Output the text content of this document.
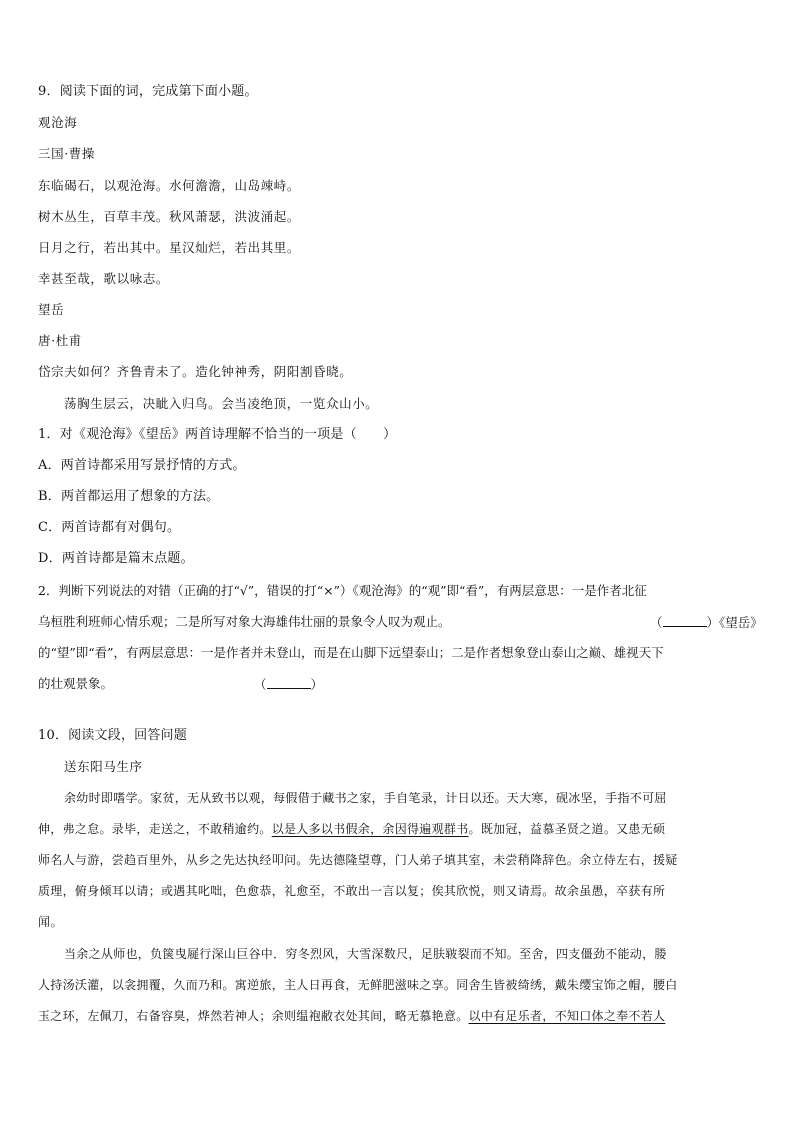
9．阅读下面的词，完成第下面小题。
观沧海
三国·曹操
东临碣石，以观沧海。水何澹澹，山岛竦峙。
树木丛生，百草丰茂。秋风萧瑟，洪波涌起。
日月之行，若出其中。星汉灿烂，若出其里。
幸甚至哉，歌以咏志。
望岳
唐·杜甫
岱宗夫如何？齐鲁青未了。造化钟神秀，阴阳割昏晓。
荡胸生层云，决眦入归鸟。会当凌绝顶，一览众山小。
1．对《观沧海》《望岳》两首诗理解不恰当的一项是（　　）
A．两首诗都采用写景抒情的方式。
B．两首都运用了想象的方法。
C．两首诗都有对偶句。
D．两首诗都是篇末点题。
2．判断下列说法的对错（正确的打“√”，错误的打“×”）《观沧海》的“观”即“看”，有两层意思：一是作者北征
乌桓胜利班师心情乐观；二是所写对象大海雄伟壮丽的景象令人叹为观止。	（	）《望岳》
的“望”即“看”，有两层意思：一是作者并未登山，而是在山脚下远望泰山；二是作者想象登山泰山之巅、雄视天下
的壮观景象。	（	）
10．阅读文段，回答问题
送东阳马生序
余幼时即嗜学。家贫，无从致书以观，每假借于藏书之家，手自笔录，计日以还。天大寒，砚冰坚，手指不可屈
伸，弗之怠。录毕，走送之，不敢稍逾约。以是人多以书假余，余因得遍观群书。既加冠，益慕圣贤之道。又患无硕
师名人与游，尝趋百里外，从乡之先达执经叩问。先达德隆望尊，门人弟子填其室，未尝稍降辞色。余立侍左右，援疑
质理，俯身倾耳以请；或遇其叱咄，色愈恭，礼愈至，不敢出一言以复；俟其欣悦，则又请焉。故余虽愚，卒获有所
闻。
当余之从师也，负箧曳屣行深山巨谷中．穷冬烈风，大雪深数尺，足肤皲裂而不知。至舍，四支僵劲不能动，媵
人持汤沃灌，以衾拥覆，久而乃和。寓逆旅，主人日再食，无鲜肥滋味之享。同舍生皆被绮绣，戴朱缨宝饰之帽，腰白
玉之环，左佩刀，右备容臭，烨然若神人；余则缊袍敝衣处其间，略无慕艳意。以中有足乐者，不知口体之奉不若人
